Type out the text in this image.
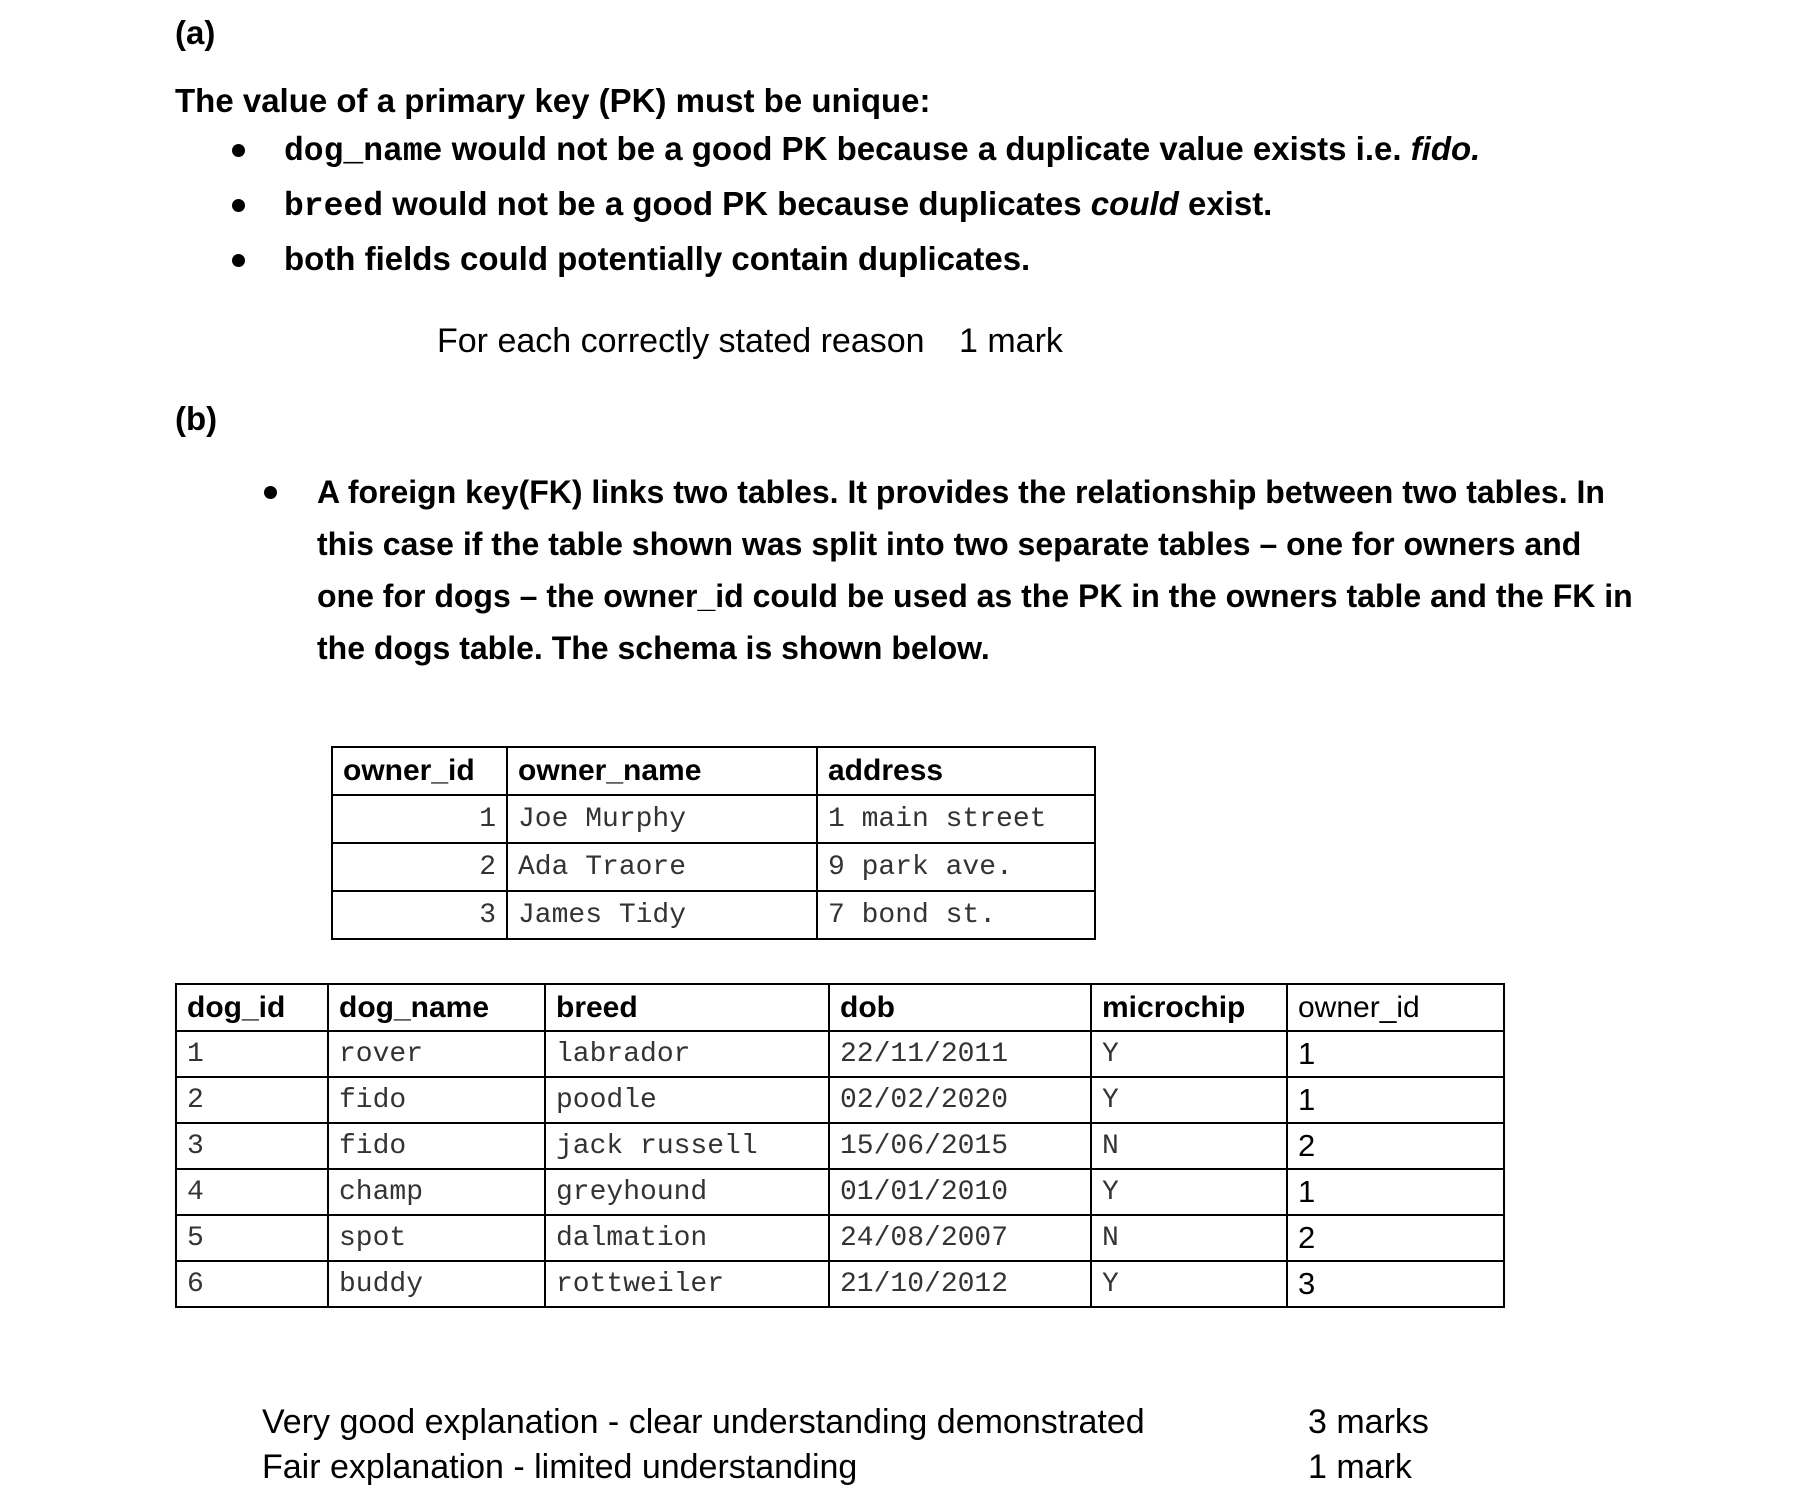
(a)
The value of a primary key (PK) must be unique:
dog_name would not be a good PK because a duplicate value exists i.e. fido.
breed would not be a good PK because duplicates could exist.
both fields could potentially contain duplicates.
For each correctly stated reason 1 mark
(b)
A foreign key(FK) links two tables. It provides the relationship between two tables. In
this case if the table shown was split into two separate tables – one for owners and
one for dogs – the owner_id could be used as the PK in the owners table and the FK in
the dogs table. The schema is shown below.
owner_id	owner_name	address
1	Joe Murphy	1 main street
2	Ada Traore	9 park ave.
3	James Tidy	7 bond st.
dog_id	dog_name	breed	dob	microchip	owner_id
1	rover	labrador	22/11/2011	Y	1
2	fido	poodle	02/02/2020	Y	1
3	fido	jack russell	15/06/2015	N	2
4	champ	greyhound	01/01/2010	Y	1
5	spot	dalmation	24/08/2007	N	2
6	buddy	rottweiler	21/10/2012	Y	3
Very good explanation - clear understanding demonstrated	3 marks
Fair explanation - limited understanding	1 mark
